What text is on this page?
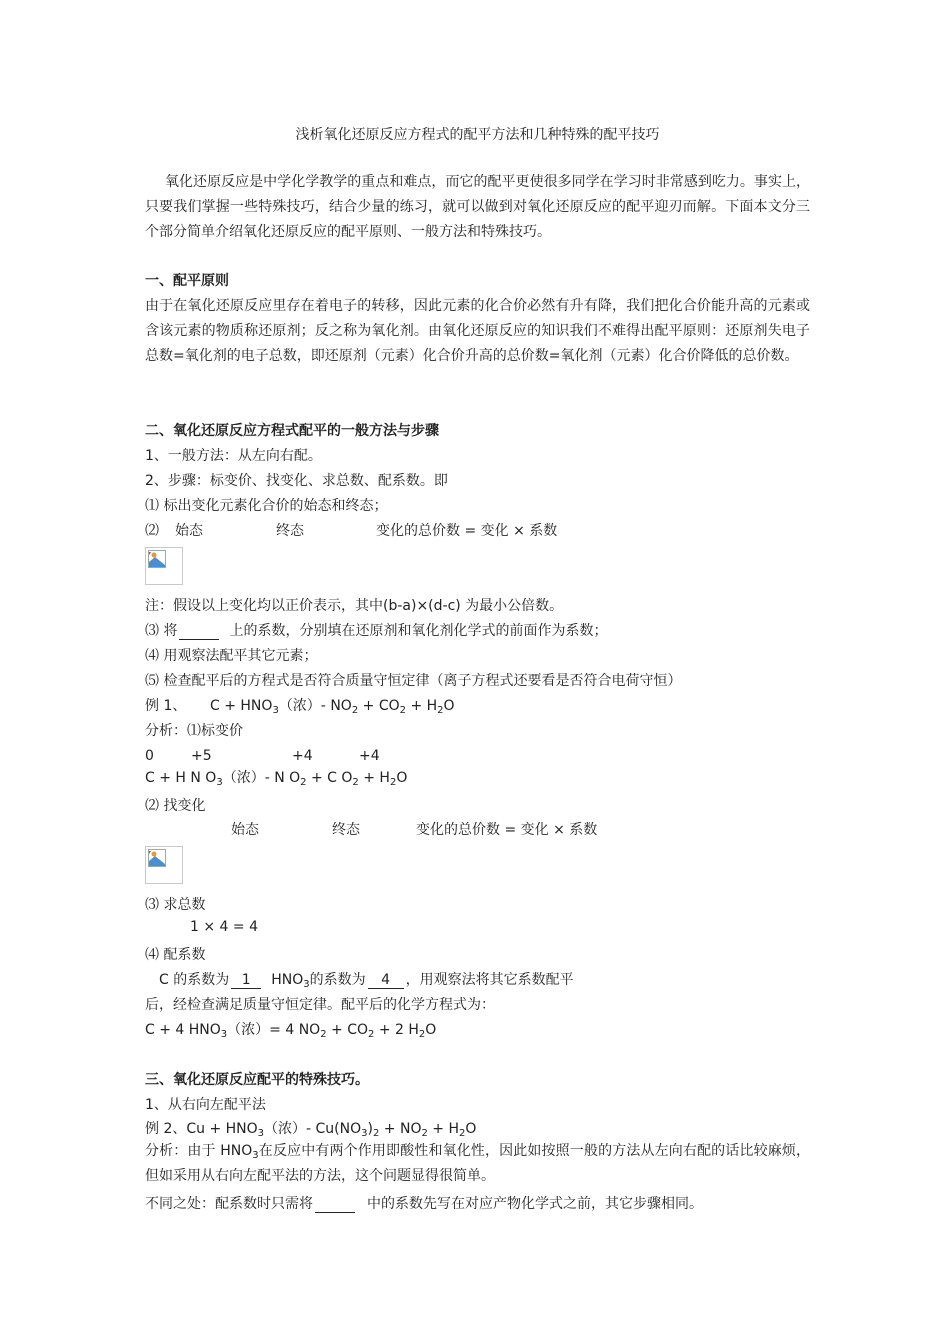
浅析氧化还原反应方程式的配平方法和几种特殊的配平技巧
氧化还原反应是中学化学教学的重点和难点，而它的配平更使很多同学在学习时非常感到吃力。事实上，只要我们掌握一些特殊技巧，结合少量的练习，就可以做到对氧化还原反应的配平迎刃而解。下面本文分三个部分简单介绍氧化还原反应的配平原则、一般方法和特殊技巧。
一、配平原则
由于在氧化还原反应里存在着电子的转移，因此元素的化合价必然有升有降，我们把化合价能升高的元素或含该元素的物质称还原剂；反之称为氧化剂。由氧化还原反应的知识我们不难得出配平原则：还原剂失电子总数=氧化剂的电子总数，即还原剂（元素）化合价升高的总价数=氧化剂（元素）化合价降低的总价数。
二、氧化还原反应方程式配平的一般方法与步骤
1、一般方法：从左向右配。
2、步骤：标变价、找变化、求总数、配系数。即
⑴ 标出变化元素化合价的始态和终态；
⑵ 始态	终态	变化的总价数 = 变化 × 系数
注：假设以上变化均以正价表示，其中(b-a)×(d-c) 为最小公倍数。
⑶ 将	上的系数，分别填在还原剂和氧化剂化学式的前面作为系数；
⑷ 用观察法配平其它元素；
⑸ 检查配平后的方程式是否符合质量守恒定律（离子方程式还要看是否符合电荷守恒）
例 1、 $C + HNO_3$（浓）- $NO_2 + CO_2 + H_2O$
分析：⑴标变价
0	+5	+4	+4
C + H N $O_3$（浓）- N $O_2 + C$ $O_2 + H_2O$
⑵ 找变化
始态	终态	变化的总价数 = 变化 × 系数
⑶ 求总数
1 × 4 = 4
⑷ 配系数
C 的系数为 1 $HNO_3$的系数为 4 ，用观察法将其它系数配平
后，经检查满足质量守恒定律。配平后的化学方程式为：
C + 4 $HNO_3$（浓）= 4 $NO_2 + CO_2 + 2$ $H_2O$
三、氧化还原反应配平的特殊技巧。
1、从右向左配平法
例 2、$Cu + HNO_3$（浓）- $Cu(NO_3)_2 + NO_2 + H_2O$
分析：由于 $HNO_3$在反应中有两个作用即酸性和氧化性，因此如按照一般的方法从左向右配的话比较麻烦，但如采用从右向左配平法的方法，这个问题显得很简单。
不同之处：配系数时只需将	中的系数先写在对应产物化学式之前，其它步骤相同。
